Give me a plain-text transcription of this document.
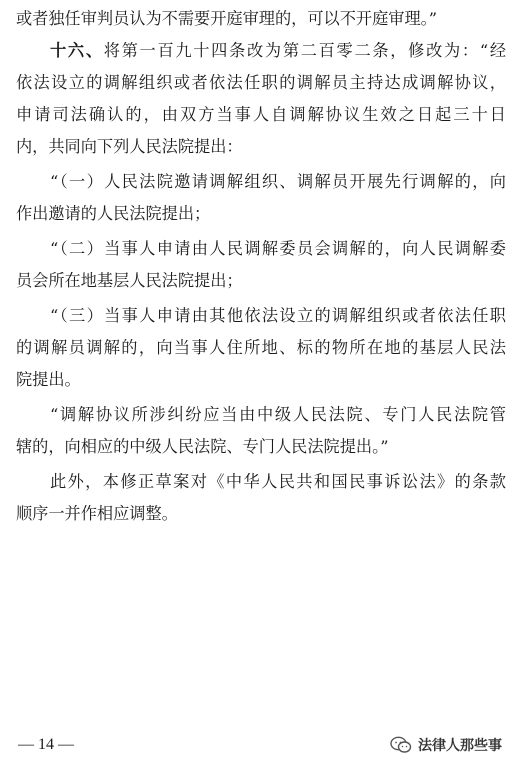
或者独任审判员认为不需要开庭审理的，可以不开庭审理。”
十六、将第一百九十四条改为第二百零二条，修改为：“经
依法设立的调解组织或者依法任职的调解员主持达成调解协议，
申请司法确认的，由双方当事人自调解协议生效之日起三十日
内，共同向下列人民法院提出：
“（一）人民法院邀请调解组织、调解员开展先行调解的，向
作出邀请的人民法院提出；
“（二）当事人申请由人民调解委员会调解的，向人民调解委
员会所在地基层人民法院提出；
“（三）当事人申请由其他依法设立的调解组织或者依法任职
的调解员调解的，向当事人住所地、标的物所在地的基层人民法
院提出。
“调解协议所涉纠纷应当由中级人民法院、专门人民法院管
辖的，向相应的中级人民法院、专门人民法院提出。”
此外，本修正草案对《中华人民共和国民事诉讼法》的条款
顺序一并作相应调整。
— 14 —	法律人那些事
